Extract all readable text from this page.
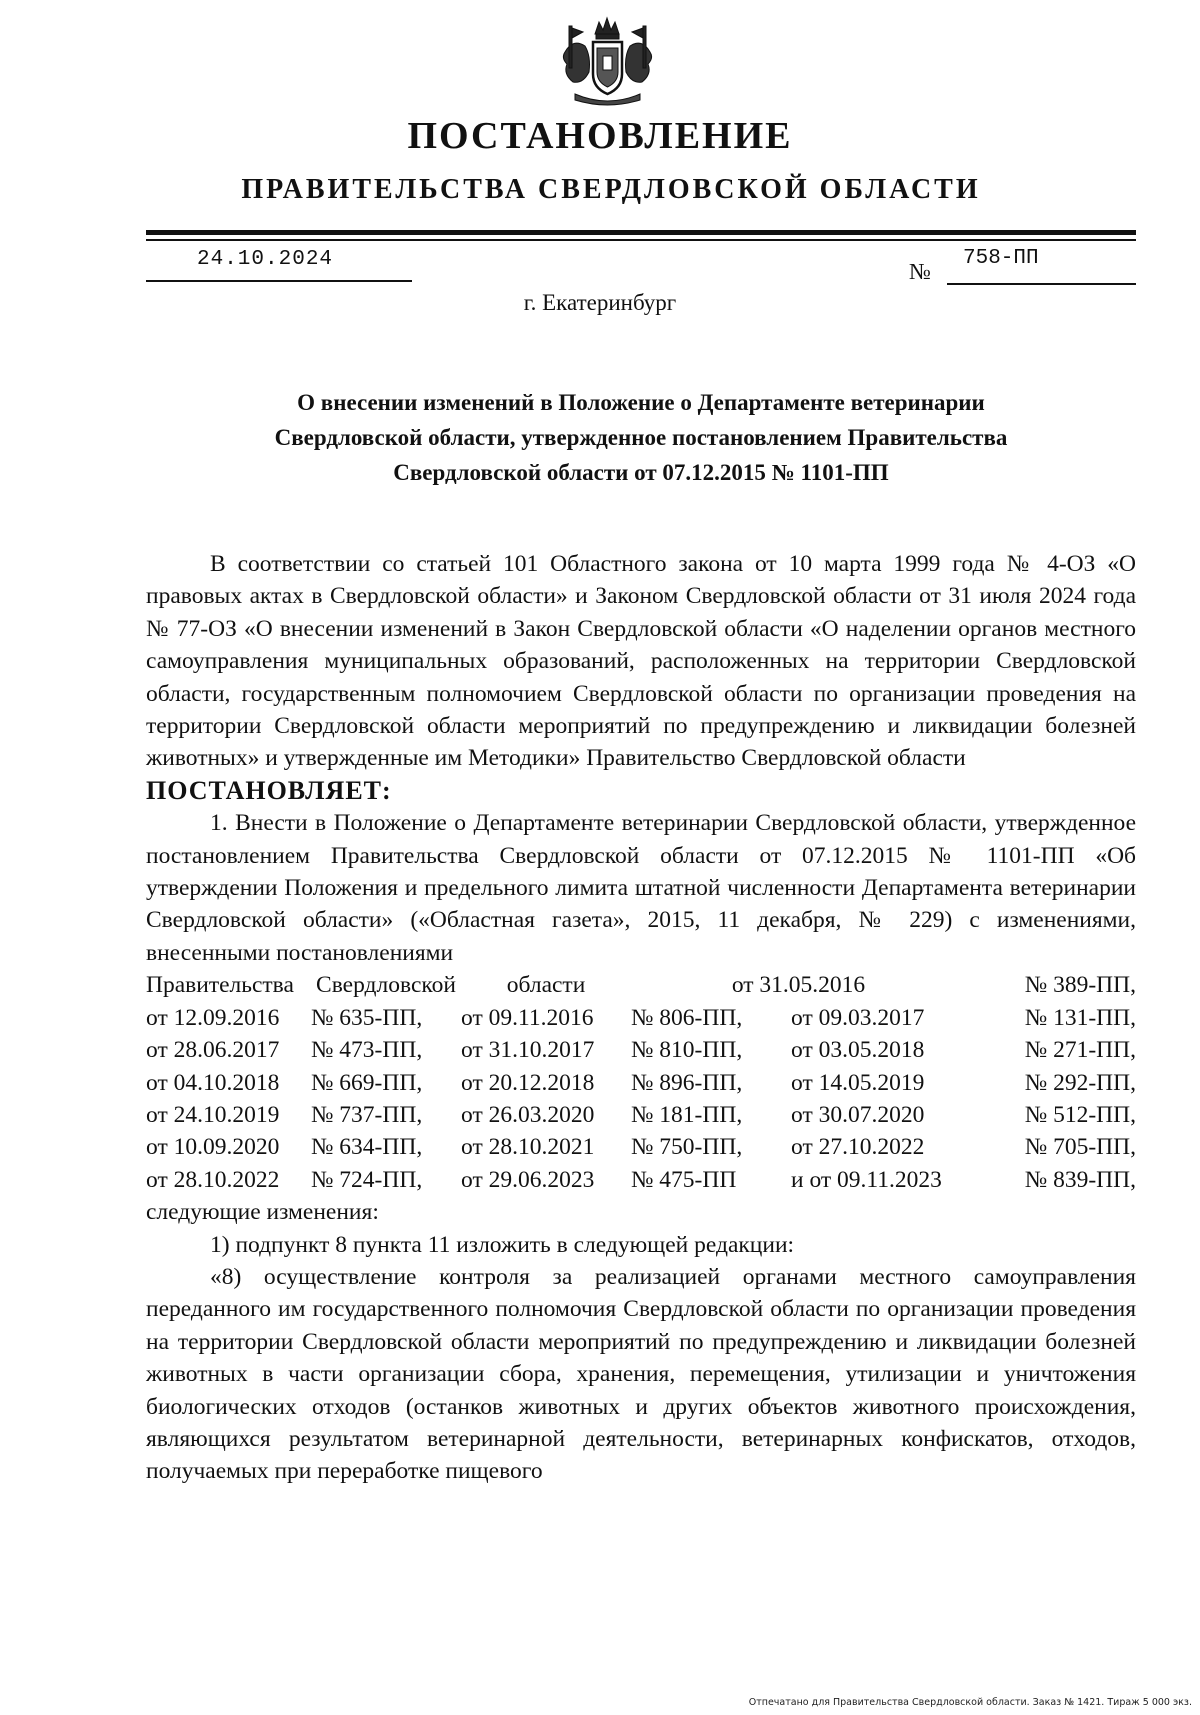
ПОСТАНОВЛЕНИЕ
ПРАВИТЕЛЬСТВА СВЕРДЛОВСКОЙ ОБЛАСТИ
24.10.2024	№
758-ПП
г. Екатеринбург
О внесении изменений в Положение о Департаменте ветеринарии
Свердловской области, утвержденное постановлением Правительства
Свердловской области от 07.12.2015 № 1101-ПП

В соответствии со статьей 101 Областного закона от 10 марта 1999 года № 4-ОЗ «О правовых актах в Свердловской области» и Законом Свердловской области от 31 июля 2024 года № 77-ОЗ «О внесении изменений в Закон Свердловской области «О наделении органов местного самоуправления муниципальных образований, расположенных на территории Свердловской области, государственным полномочием Свердловской области по организации проведения на территории Свердловской области мероприятий по предупреждению и ликвидации болезней животных» и утвержденные им Методики» Правительство Свердловской области

ПОСТАНОВЛЯЕТ:

1. Внести в Положение о Департаменте ветеринарии Свердловской области, утвержденное постановлением Правительства Свердловской области от 07.12.2015 № 1101-ПП «Об утверждении Положения и предельного лимита штатной численности Департамента ветеринарии Свердловской области» («Областная газета», 2015, 11 декабря, № 229) с изменениями, внесенными постановлениями

Правительства	Свердловской	области	от 31.05.2016		№ 389-ПП,
от 12.09.2016	№ 635-ПП,	от 09.11.2016	№ 806-ПП,	от 09.03.2017	№ 131-ПП,
от 28.06.2017	№ 473-ПП,	от 31.10.2017	№ 810-ПП,	от 03.05.2018	№ 271-ПП,
от 04.10.2018	№ 669-ПП,	от 20.12.2018	№ 896-ПП,	от 14.05.2019	№ 292-ПП,
от 24.10.2019	№ 737-ПП,	от 26.03.2020	№ 181-ПП,	от 30.07.2020	№ 512-ПП,
от 10.09.2020	№ 634-ПП,	от 28.10.2021	№ 750-ПП,	от 27.10.2022	№ 705-ПП,
от 28.10.2022	№ 724-ПП,	от 29.06.2023	№ 475-ПП	и от 09.11.2023	№ 839-ПП,

следующие изменения:

1) подпункт 8 пункта 11 изложить в следующей редакции:

«8) осуществление контроля за реализацией органами местного самоуправления переданного им государственного полномочия Свердловской области по организации проведения на территории Свердловской области мероприятий по предупреждению и ликвидации болезней животных в части организации сбора, хранения, перемещения, утилизации и уничтожения биологических отходов (останков животных и других объектов животного происхождения, являющихся результатом ветеринарной деятельности, ветеринарных конфискатов, отходов, получаемых при переработке пищевого

Отпечатано для Правительства Свердловской области. Заказ № 1421. Тираж 5 000 экз.
